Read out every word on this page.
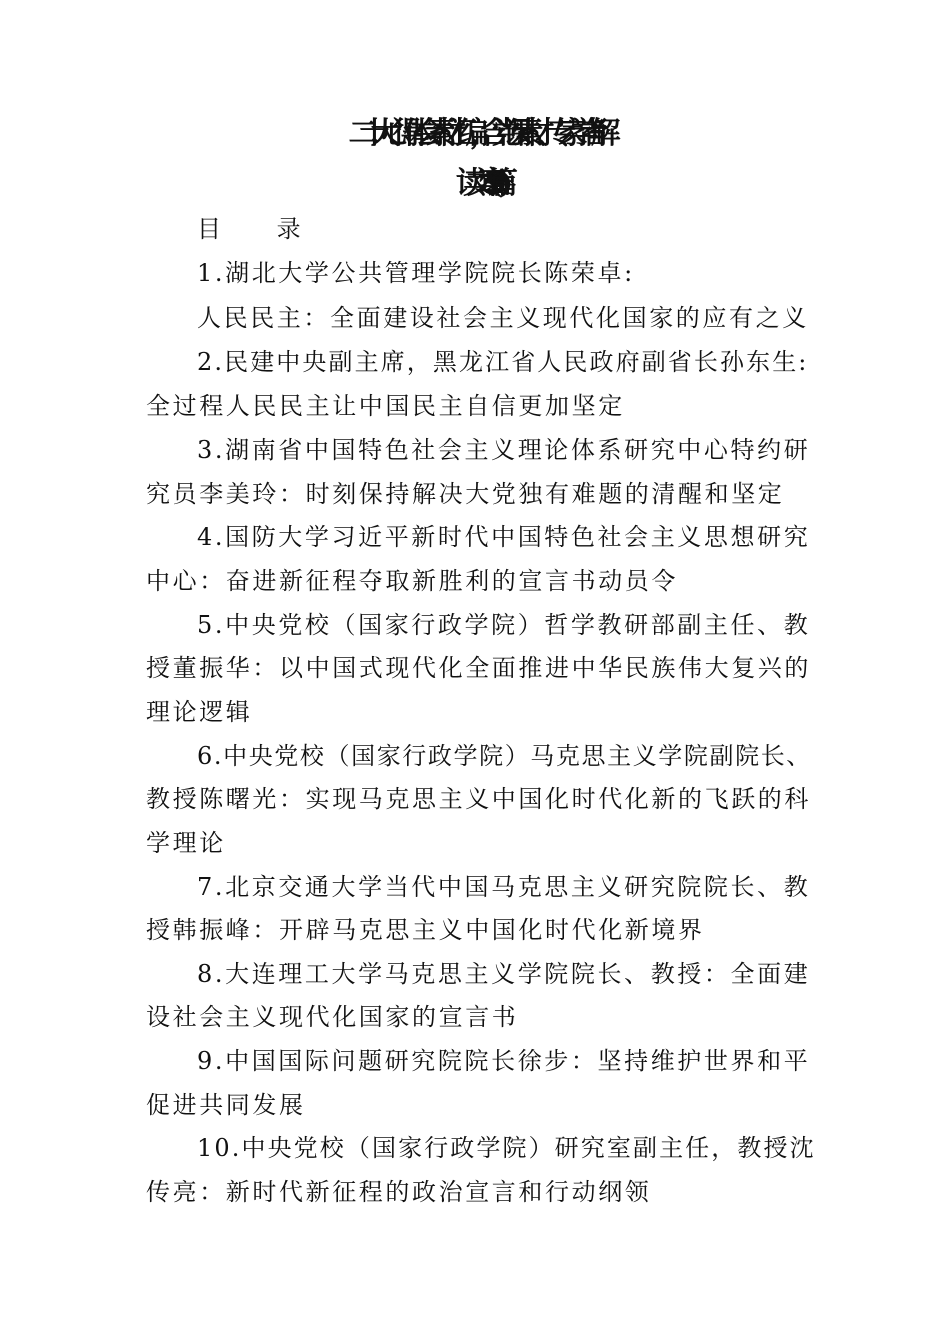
二十大心得体会素材汇编，含党课素材、专家学者解
读文章(29篇)
目 录
1.湖北大学公共管理学院院长陈荣卓:
人民民主：全面建设社会主义现代化国家的应有之义
2.民建中央副主席，黑龙江省人民政府副省长孙东生:
全过程人民民主让中国民主自信更加坚定
3.湖南省中国特色社会主义理论体系研究中心特约研
究员李美玲：时刻保持解决大党独有难题的清醒和坚定
4.国防大学习近平新时代中国特色社会主义思想研究
中心：奋进新征程夺取新胜利的宣言书动员令
5.中央党校（国家行政学院）哲学教研部副主任、教
授董振华：以中国式现代化全面推进中华民族伟大复兴的
理论逻辑
6.中央党校（国家行政学院）马克思主义学院副院长、
教授陈曙光：实现马克思主义中国化时代化新的飞跃的科
学理论
7.北京交通大学当代中国马克思主义研究院院长、教
授韩振峰：开辟马克思主义中国化时代化新境界
8.大连理工大学马克思主义学院院长、教授：全面建
设社会主义现代化国家的宣言书
9.中国国际问题研究院院长徐步：坚持维护世界和平
促进共同发展
10.中央党校（国家行政学院）研究室副主任，教授沈
传亮：新时代新征程的政治宣言和行动纲领
